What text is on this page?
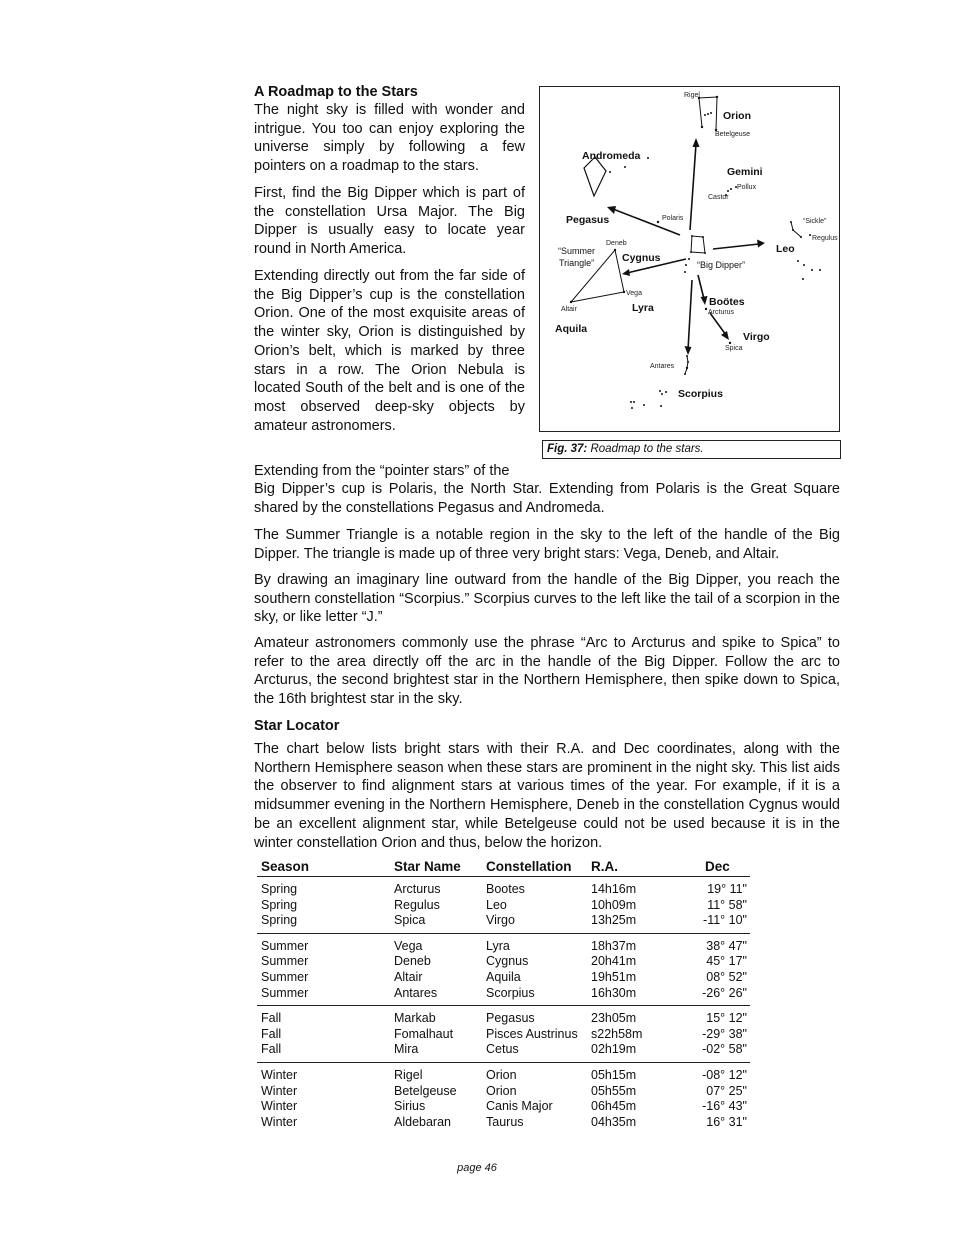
A Roadmap to the Stars

The night sky is filled with wonder and intrigue. You too can enjoy exploring the universe simply by following a few pointers on a roadmap to the stars.

First, find the Big Dipper which is part of the constellation Ursa Major. The Big Dipper is usually easy to locate year round in North America.

Extending directly out from the far side of the Big Dipper’s cup is the constellation Orion. One of the most exquisite areas of the winter sky, Orion is distinguished by Orion’s belt, which is marked by three stars in a row. The Orion Nebula is located South of the belt and is one of the most observed deep-sky objects by amateur astronomers.

Extending from the “pointer stars” of the

Big Dipper’s cup is Polaris, the North Star. Extending from Polaris is the Great Square shared by the constellations Pegasus and Andromeda.

The Summer Triangle is a notable region in the sky to the left of the handle of the Big Dipper. The triangle is made up of three very bright stars: Vega, Deneb, and Altair.

By drawing an imaginary line outward from the handle of the Big Dipper, you reach the southern constellation “Scorpius.” Scorpius curves to the left like the tail of a scorpion in the sky, or like letter “J.”

Amateur astronomers commonly use the phrase “Arc to Arcturus and spike to Spica” to refer to the area directly off the arc in the handle of the Big Dipper. Follow the arc to Arcturus, the second brightest star in the Northern Hemisphere, then spike down to Spica, the 16th brightest star in the sky.

Star Locator

The chart below lists bright stars with their R.A. and Dec coordinates, along with the Northern Hemisphere season when these stars are prominent in the night sky. This list aids the observer to find alignment stars at various times of the year. For example, if it is a midsummer evening in the Northern Hemisphere, Deneb in the constellation Cygnus would be an excellent alignment star, while Betelgeuse could not be used because it is in the winter constellation Orion and thus, below the horizon.

Rigel
Orion
Betelgeuse
Andromeda
Gemini
Pollux
Castor
Pegasus	Polaris	“Sickle”
Regulus
Leo
“Summer
Triangle”
Deneb
Cygnus
“Big Dipper”
Vega
Altair	Lyra
Aquila
Boötes
Arcturus
Virgo
Spica
Antares
Scorpius
Fig. 37: Roadmap to the stars.
Season	Star Name	Constellation	R.A.	Dec
Spring	Arcturus	Bootes	14h16m	19° 11"
Spring	Regulus	Leo	10h09m	11° 58"
Spring	Spica	Virgo	13h25m	-11° 10"
Summer	Vega	Lyra	18h37m	38° 47"
Summer	Deneb	Cygnus	20h41m	45° 17"
Summer	Altair	Aquila	19h51m	08° 52"
Summer	Antares	Scorpius	16h30m	-26° 26"
Fall	Markab	Pegasus	23h05m	15° 12"
Fall	Fomalhaut	Pisces Austrinus	s22h58m	-29° 38"
Fall	Mira	Cetus	02h19m	-02° 58"
Winter	Rigel	Orion	05h15m	-08° 12"
Winter	Betelgeuse	Orion	05h55m	07° 25"
Winter	Sirius	Canis Major	06h45m	-16° 43"
Winter	Aldebaran	Taurus	04h35m	16° 31"
page 46
